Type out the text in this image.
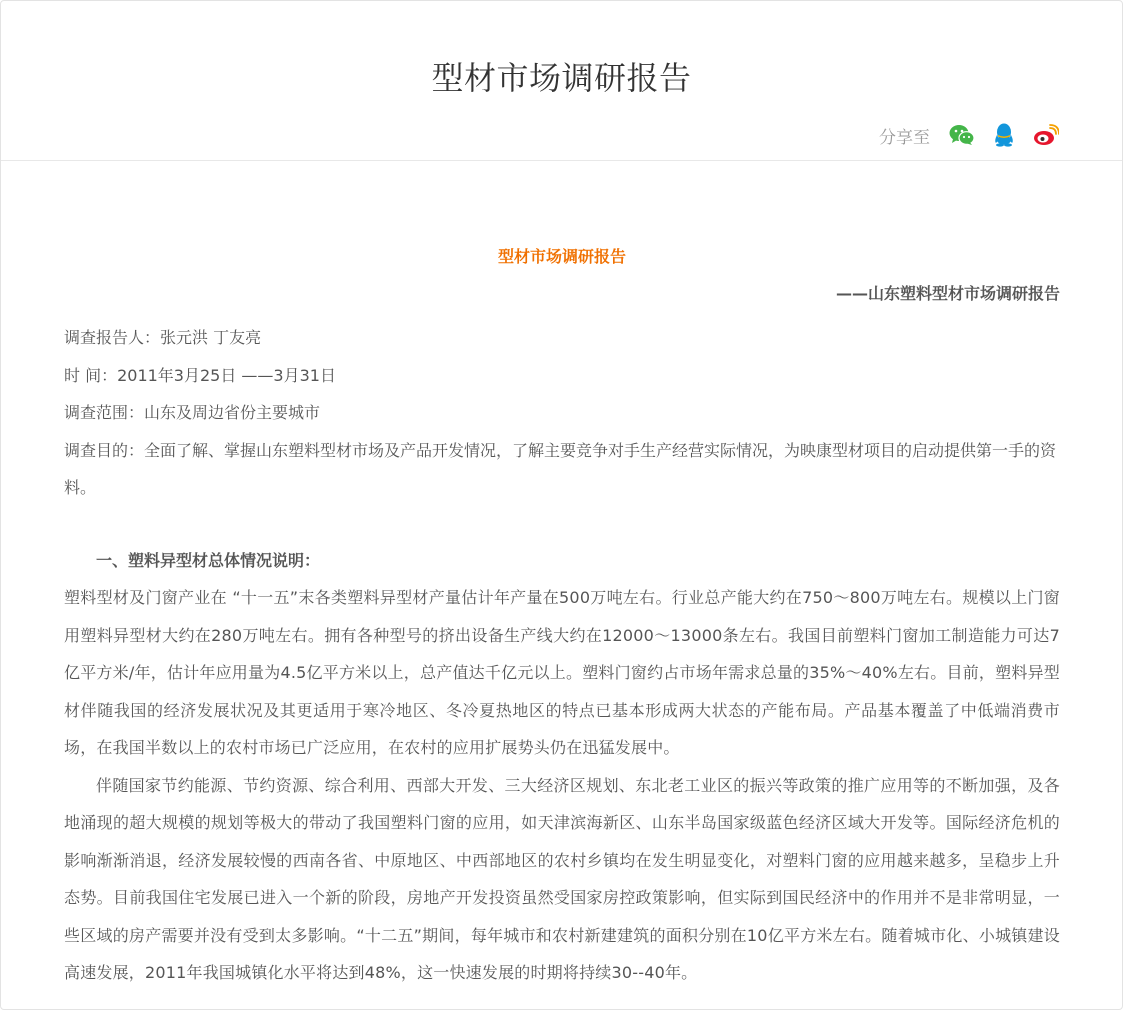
型材市场调研报告
分享至

型材市场调研报告

——山东塑料型材市场调研报告

调查报告人：张元洪 丁友亮

时 间：2011年3月25日 ——3月31日

调查范围：山东及周边省份主要城市

调查目的：全面了解、掌握山东塑料型材市场及产品开发情况，了解主要竞争对手生产经营实际情况，为映康型材项目的启动提供第一手的资料。

一、塑料异型材总体情况说明：

塑料型材及门窗产业在 “十一五”末各类塑料异型材产量估计年产量在500万吨左右。行业总产能大约在750～800万吨左右。规模以上门窗用塑料异型材大约在280万吨左右。拥有各种型号的挤出设备生产线大约在12000～13000条左右。我国目前塑料门窗加工制造能力可达7亿平方米/年，估计年应用量为4.5亿平方米以上，总产值达千亿元以上。塑料门窗约占市场年需求总量的35%～40%左右。目前，塑料异型材伴随我国的经济发展状况及其更适用于寒冷地区、冬冷夏热地区的特点已基本形成两大状态的产能布局。产品基本覆盖了中低端消费市场，在我国半数以上的农村市场已广泛应用，在农村的应用扩展势头仍在迅猛发展中。

伴随国家节约能源、节约资源、综合利用、西部大开发、三大经济区规划、东北老工业区的振兴等政策的推广应用等的不断加强，及各地涌现的超大规模的规划等极大的带动了我国塑料门窗的应用，如天津滨海新区、山东半岛国家级蓝色经济区域大开发等。国际经济危机的影响渐渐消退，经济发展较慢的西南各省、中原地区、中西部地区的农村乡镇均在发生明显变化，对塑料门窗的应用越来越多，呈稳步上升态势。目前我国住宅发展已进入一个新的阶段，房地产开发投资虽然受国家房控政策影响，但实际到国民经济中的作用并不是非常明显，一些区域的房产需要并没有受到太多影响。“十二五”期间，每年城市和农村新建建筑的面积分别在10亿平方米左右。随着城市化、小城镇建设高速发展，2011年我国城镇化水平将达到48%，这一快速发展的时期将持续30--40年。
